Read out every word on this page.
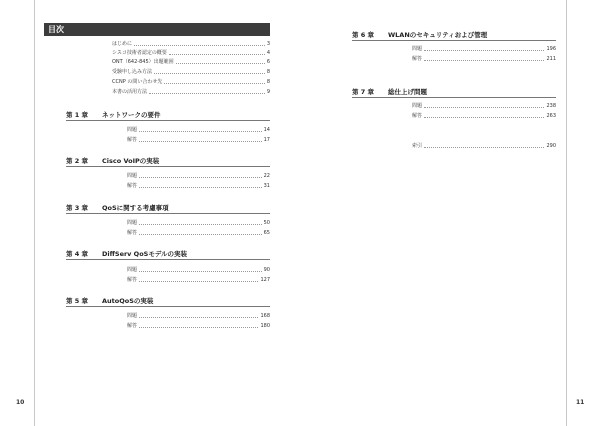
目次
はじめに	3
シスコ技術者認定の概要	4
ONT（642-845）出題範囲	6
受験申し込み方法	8
CCNP の問い合わせ先	8
本書の活用方法	9
第 1 章	ネットワークの要件
問題	14
解答	17
第 2 章	Cisco VoIPの実装
問題	22
解答	31
第 3 章	QoSに関する考慮事項
問題	50
解答	65
第 4 章	DiffServ QoSモデルの実装
問題	90
解答	127
第 5 章	AutoQoSの実装
問題	168
解答	180
10
第 6 章	WLANのセキュリティおよび管理
問題	196
解答	211
第 7 章	総仕上げ問題
問題	238
解答	263
索引	290
11
